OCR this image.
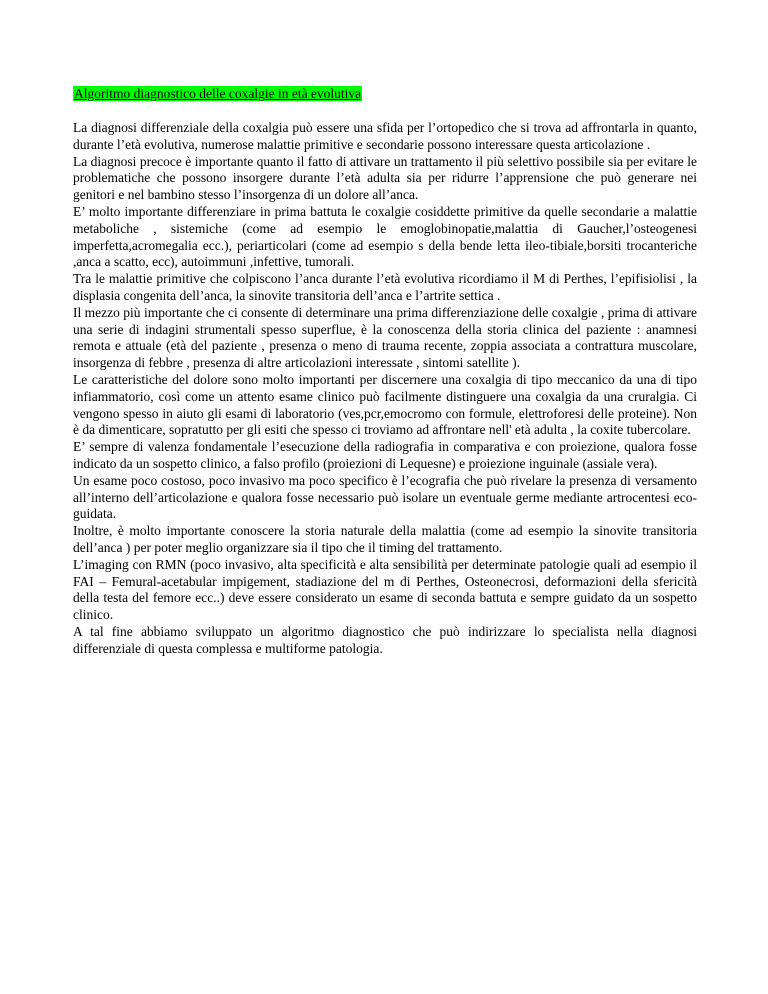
Algoritmo diagnostico delle coxalgie in età evolutiva

La diagnosi differenziale della coxalgia può essere una sfida per l’ortopedico che si trova ad affrontarla in quanto, durante l’età evolutiva, numerose malattie primitive e secondarie possono interessare questa articolazione .

La diagnosi precoce è importante quanto il fatto di attivare un trattamento il più selettivo possibile sia per evitare le problematiche che possono insorgere durante l’età adulta sia per ridurre l’apprensione che può generare nei genitori e nel bambino stesso l’insorgenza di un dolore all’anca.

E’ molto importante differenziare in prima battuta le coxalgie cosiddette primitive da quelle secondarie a malattie metaboliche , sistemiche (come ad esempio le emoglobinopatie,malattia di Gaucher,l’osteogenesi imperfetta,acromegalia ecc.), periarticolari (come ad esempio s della bende letta ileo-tibiale,borsiti trocanteriche ,anca a scatto, ecc), autoimmuni ,infettive, tumorali.

Tra le malattie primitive che colpiscono l’anca durante l’età evolutiva ricordiamo il M di Perthes, l’epifisiolisi , la displasia congenita dell’anca, la sinovite transitoria dell’anca e l’artrite settica .

Il mezzo più importante che ci consente di determinare una prima differenziazione delle coxalgie , prima di attivare una serie di indagini strumentali spesso superflue, è la conoscenza della storia clinica del paziente : anamnesi remota e attuale (età del paziente , presenza o meno di trauma recente, zoppia associata a contrattura muscolare, insorgenza di febbre , presenza di altre articolazioni interessate , sintomi satellite ).

Le caratteristiche del dolore sono molto importanti per discernere una coxalgia di tipo meccanico da una di tipo infiammatorio, così come un attento esame clinico può facilmente distinguere una coxalgia da una cruralgia. Ci vengono spesso in aiuto gli esami di laboratorio (ves,pcr,emocromo con formule, elettroforesi delle proteine). Non è da dimenticare, sopratutto per gli esiti che spesso ci troviamo ad affrontare nell' età adulta , la coxite tubercolare.

E’ sempre di valenza fondamentale l’esecuzione della radiografia in comparativa e con proiezione, qualora fosse indicato da un sospetto clinico, a falso profilo (proiezioni di Lequesne) e proiezione inguinale (assiale vera).

Un esame poco costoso, poco invasivo ma poco specifico è l’ecografia che può rivelare la presenza di versamento all’interno dell’articolazione e qualora fosse necessario può isolare un eventuale germe mediante artrocentesi eco-guidata.

Inoltre, è molto importante conoscere la storia naturale della malattia (come ad esempio la sinovite transitoria dell’anca ) per poter meglio organizzare sia il tipo che il timing del trattamento.

L’imaging con RMN (poco invasivo, alta specificità e alta sensibilità per determinate patologie quali ad esempio il FAI – Femural-acetabular impigement, stadiazione del m di Perthes, Osteonecrosi, deformazioni della sfericità della testa del femore ecc..) deve essere considerato un esame di seconda battuta e sempre guidato da un sospetto clinico.

A tal fine abbiamo sviluppato un algoritmo diagnostico che può indirizzare lo specialista nella diagnosi differenziale di questa complessa e multiforme patologia.
